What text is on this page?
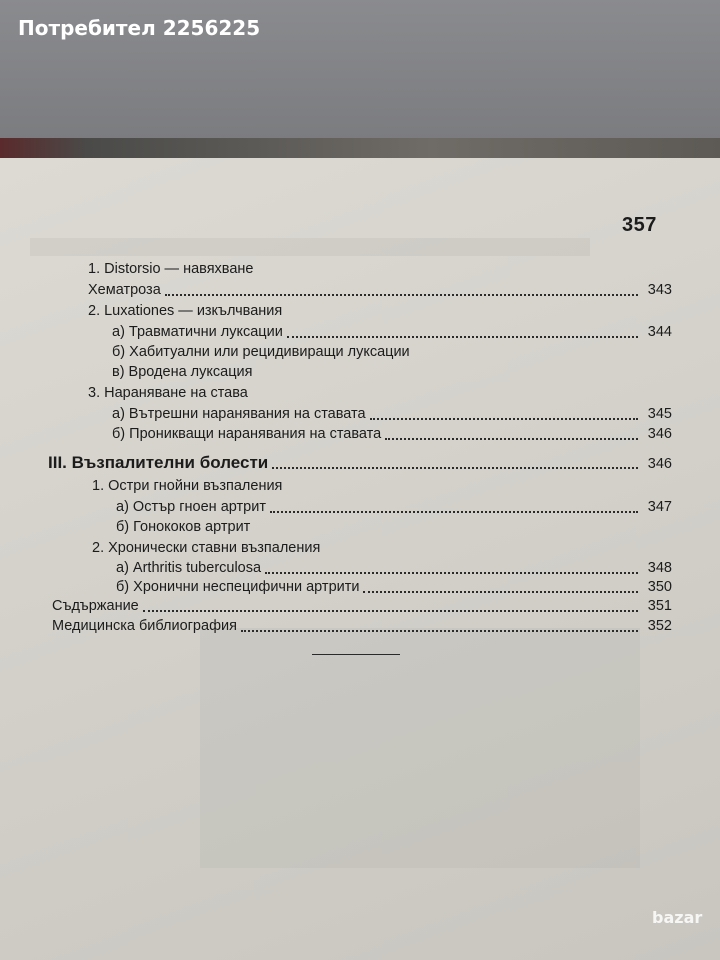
Потребител 2256225
357
1. Distorsio — навяхване
Хематроза	343
2. Luxationes — изкълчвания
а) Травматични луксации	344
б) Хабитуални или рецидивиращи луксации
в) Вродена луксация
3. Нараняване на става
а) Вътрешни наранявания на ставата	345
б) Проникващи наранявания на ставата	346
III. Възпалителни болести	346
1. Остри гнойни възпаления
а) Остър гноен артрит	347
б) Гонококов артрит
2. Хронически ставни възпаления
а) Arthritis tuberculosa	348
б) Хронични неспецифични артрити	350
Съдържание	351
Медицинска библиография	352
bazar
